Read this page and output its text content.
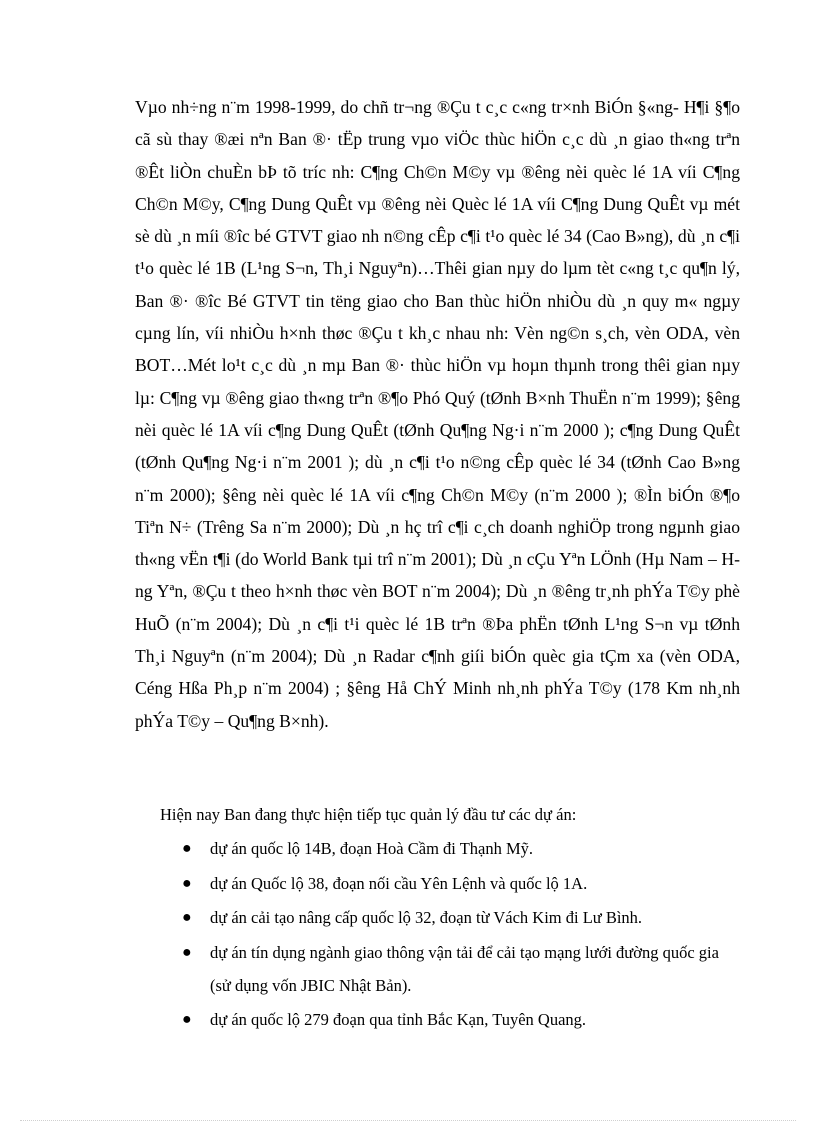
Vµo nh÷ng n¨m 1998-1999, do chñ tr¬ng ®Çu t c¸c c«ng tr×nh BiÓn §«ng- H¶i §¶o cã sù thay ®æi nªn Ban ®· tËp trung vµo viÖc thùc hiÖn c¸c dù ¸n giao th«ng trªn ®Êt liÒn chuÈn bÞ tõ tríc nh: C¶ng Ch©n M©y vµ ®êng nèi quèc lé 1A víi C¶ng Ch©n M©y, C¶ng Dung QuÊt vµ ®êng nèi Quèc lé 1A víi C¶ng Dung QuÊt vµ mét sè dù ¸n míi ®îc bé GTVT giao nh n©ng cÊp c¶i t¹o quèc lé 34 (Cao B»ng), dù ¸n c¶i t¹o quèc lé 1B (L¹ng S¬n, Th¸i Nguyªn)…Thêi gian nµy do lµm tèt c«ng t¸c qu¶n lý, Ban ®· ®îc Bé GTVT tin tëng giao cho Ban thùc hiÖn nhiÒu dù ¸n quy m« ngµy cµng lín, víi nhiÒu h×nh thøc ®Çu t kh¸c nhau nh: Vèn ng©n s¸ch, vèn ODA, vèn BOT…Mét lo¹t c¸c dù ¸n mµ Ban ®· thùc hiÖn vµ hoµn thµnh trong thêi gian nµy lµ: C¶ng vµ ®êng giao th«ng trªn ®¶o Phó Quý (tØnh B×nh ThuËn n¨m 1999); §êng nèi quèc lé 1A víi c¶ng Dung QuÊt (tØnh Qu¶ng Ng·i n¨m 2000 ); c¶ng Dung QuÊt (tØnh Qu¶ng Ng·i n¨m 2001 ); dù ¸n c¶i t¹o n©ng cÊp quèc lé 34 (tØnh Cao B»ng n¨m 2000); §êng nèi quèc lé 1A víi c¶ng Ch©n M©y (n¨m 2000 ); ®Ìn biÓn ®¶o Tiªn N÷ (Trêng Sa n¨m 2000); Dù ¸n hç trî c¶i c¸ch doanh nghiÖp trong ngµnh giao th«ng vËn t¶i (do World Bank tµi trî n¨m 2001); Dù ¸n cÇu Yªn LÖnh (Hµ Nam – Hng Yªn, ®Çu t theo h×nh thøc vèn BOT n¨m 2004); Dù ¸n ®êng tr¸nh phÝa T©y phè HuÕ (n¨m 2004); Dù ¸n c¶i t¹i quèc lé 1B trªn ®Þa phËn tØnh L¹ng S¬n vµ tØnh Th¸i Nguyªn (n¨m 2004); Dù ¸n Radar c¶nh giíi biÓn quèc gia tÇm xa (vèn ODA, Céng Hßa Ph¸p n¨m 2004) ; §êng Hå ChÝ Minh nh¸nh phÝa T©y (178 Km nh¸nh phÝa T©y – Qu¶ng B×nh).

Hiện nay Ban đang thực hiện tiếp tục quản lý đầu tư các dự án:

● dự án quốc lộ 14B, đoạn Hoà Cầm đi Thạnh Mỹ.
● dự án Quốc lộ 38, đoạn nối cầu Yên Lệnh và quốc lộ 1A.
● dự án cải tạo nâng cấp quốc lộ 32, đoạn từ Vách Kim đi Lư Bình.
● dự án tín dụng ngành giao thông vận tải để cải tạo mạng lưới đường quốc gia (sử dụng vốn JBIC Nhật Bản).
● dự án quốc lộ 279 đoạn qua tỉnh Bắc Kạn, Tuyên Quang.
